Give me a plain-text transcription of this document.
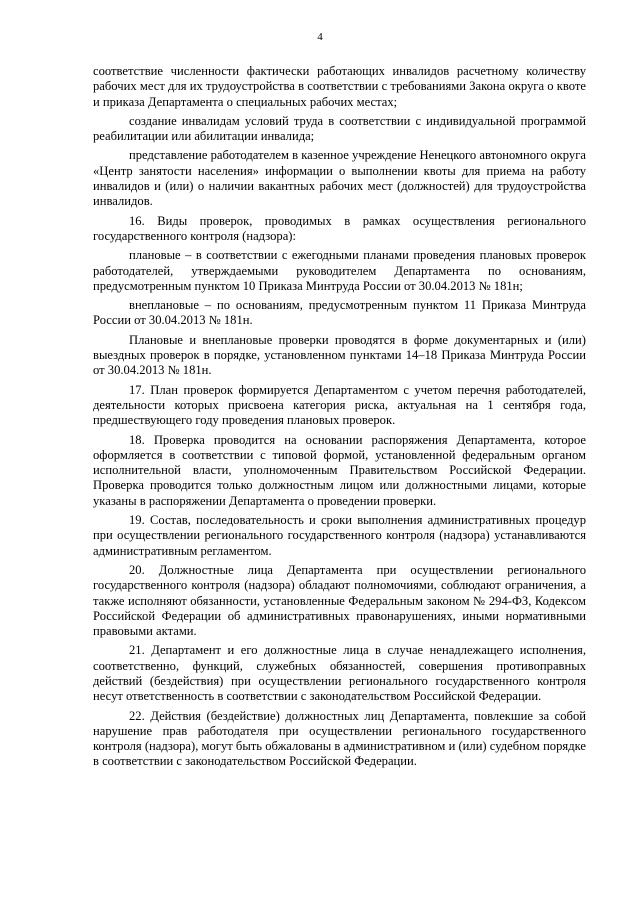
4

соответствие численности фактически работающих инвалидов расчетному количеству рабочих мест для их трудоустройства в соответствии с требованиями Закона округа о квоте и приказа Департамента о специальных рабочих местах;

создание инвалидам условий труда в соответствии с индивидуальной программой реабилитации или абилитации инвалида;

представление работодателем в казенное учреждение Ненецкого автономного округа «Центр занятости населения» информации о выполнении квоты для приема на работу инвалидов и (или) о наличии вакантных рабочих мест (должностей) для трудоустройства инвалидов.

16. Виды проверок, проводимых в рамках осуществления регионального государственного контроля (надзора):

плановые – в соответствии с ежегодными планами проведения плановых проверок работодателей, утверждаемыми руководителем Департамента по основаниям, предусмотренным пунктом 10 Приказа Минтруда России от 30.04.2013 № 181н;

внеплановые – по основаниям, предусмотренным пунктом 11 Приказа Минтруда России от 30.04.2013 № 181н.

Плановые и внеплановые проверки проводятся в форме документарных и (или) выездных проверок в порядке, установленном пунктами 14–18 Приказа Минтруда России от 30.04.2013 № 181н.

17. План проверок формируется Департаментом с учетом перечня работодателей, деятельности которых присвоена категория риска, актуальная на 1 сентября года, предшествующего году проведения плановых проверок.

18. Проверка проводится на основании распоряжения Департамента, которое оформляется в соответствии с типовой формой, установленной федеральным органом исполнительной власти, уполномоченным Правительством Российской Федерации. Проверка проводится только должностным лицом или должностными лицами, которые указаны в распоряжении Департамента о проведении проверки.

19. Состав, последовательность и сроки выполнения административных процедур при осуществлении регионального государственного контроля (надзора) устанавливаются административным регламентом.

20. Должностные лица Департамента при осуществлении регионального государственного контроля (надзора) обладают полномочиями, соблюдают ограничения, а также исполняют обязанности, установленные Федеральным законом № 294-ФЗ, Кодексом Российской Федерации об административных правонарушениях, иными нормативными правовыми актами.

21. Департамент и его должностные лица в случае ненадлежащего исполнения, соответственно, функций, служебных обязанностей, совершения противоправных действий (бездействия) при осуществлении регионального государственного контроля несут ответственность в соответствии с законодательством Российской Федерации.

22. Действия (бездействие) должностных лиц Департамента, повлекшие за собой нарушение прав работодателя при осуществлении регионального государственного контроля (надзора), могут быть обжалованы в административном и (или) судебном порядке в соответствии с законодательством Российской Федерации.
